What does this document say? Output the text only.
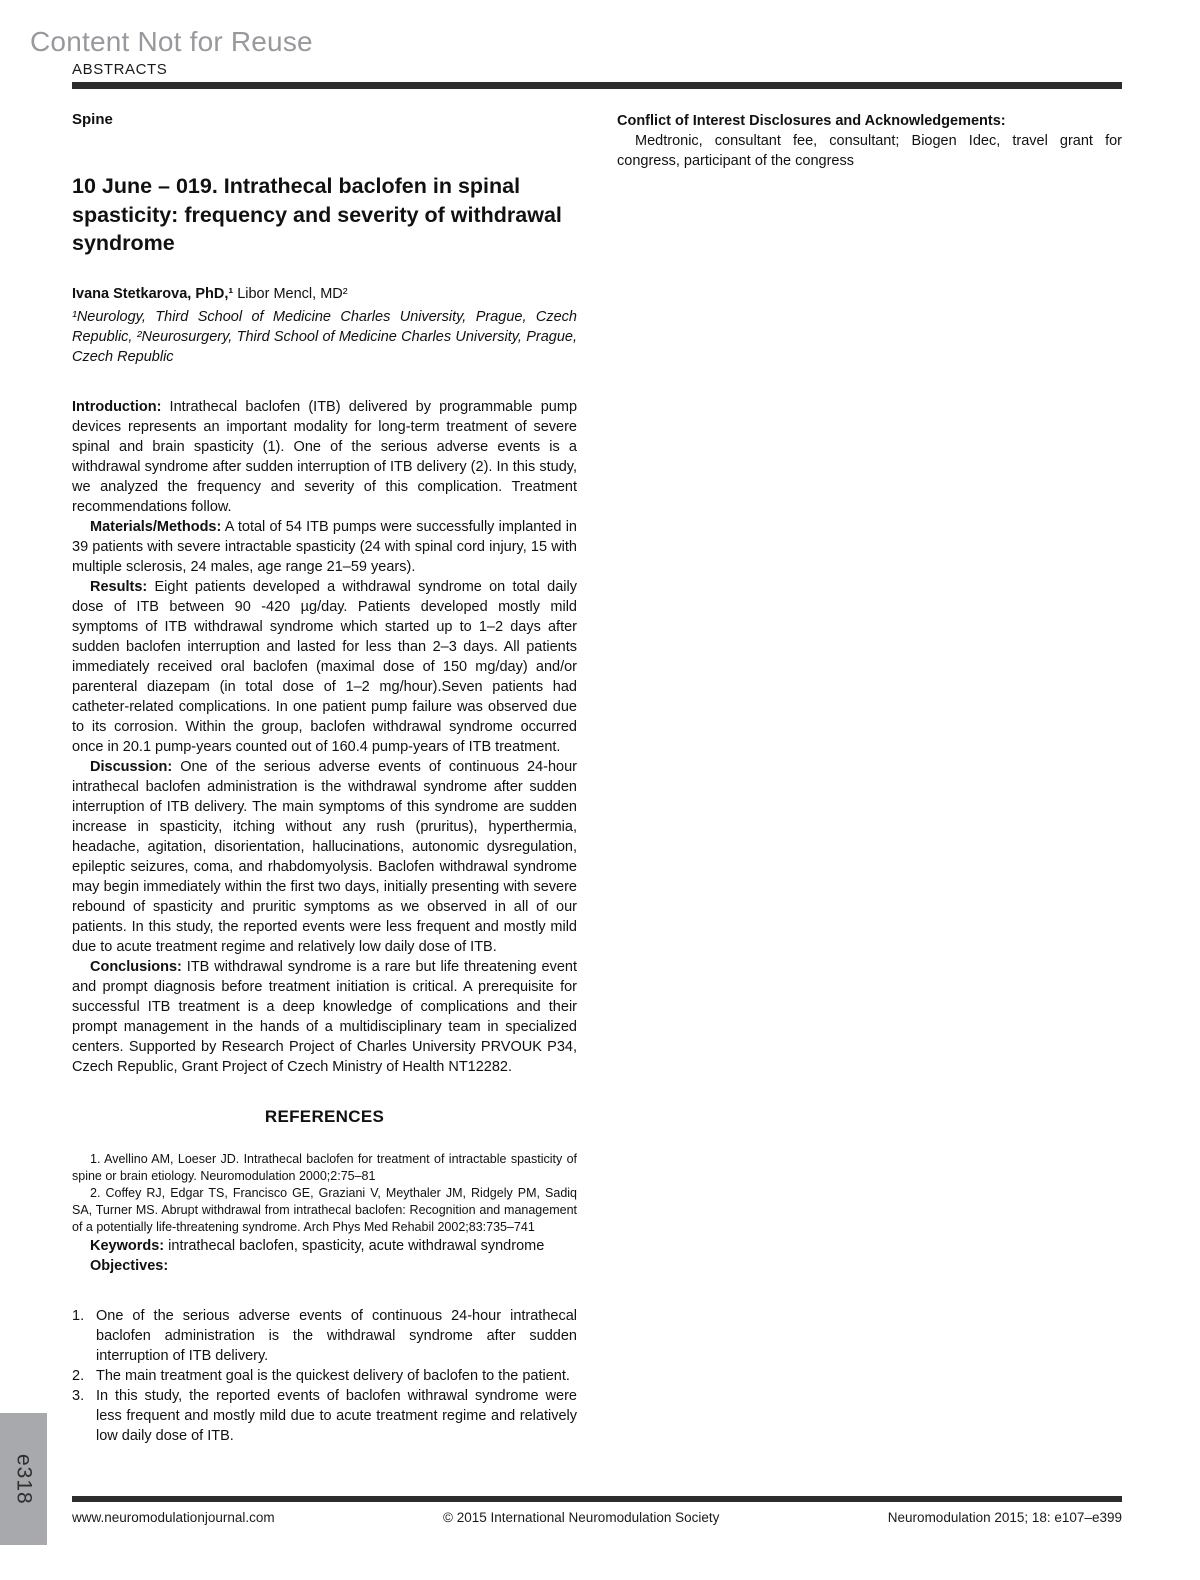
Content Not for Reuse
ABSTRACTS

Spine

10 June – 019. Intrathecal baclofen in spinal spasticity: frequency and severity of withdrawal syndrome

Ivana Stetkarova, PhD,¹ Libor Mencl, MD²

¹Neurology, Third School of Medicine Charles University, Prague, Czech Republic, ²Neurosurgery, Third School of Medicine Charles University, Prague, Czech Republic

Introduction: Intrathecal baclofen (ITB) delivered by programmable pump devices represents an important modality for long-term treatment of severe spinal and brain spasticity (1). One of the serious adverse events is a withdrawal syndrome after sudden interruption of ITB delivery (2). In this study, we analyzed the frequency and severity of this complication. Treatment recommendations follow.

Materials/Methods: A total of 54 ITB pumps were successfully implanted in 39 patients with severe intractable spasticity (24 with spinal cord injury, 15 with multiple sclerosis, 24 males, age range 21–59 years).

Results: Eight patients developed a withdrawal syndrome on total daily dose of ITB between 90 -420 µg/day. Patients developed mostly mild symptoms of ITB withdrawal syndrome which started up to 1–2 days after sudden baclofen interruption and lasted for less than 2–3 days. All patients immediately received oral baclofen (maximal dose of 150 mg/day) and/or parenteral diazepam (in total dose of 1–2 mg/hour).Seven patients had catheter-related complications. In one patient pump failure was observed due to its corrosion. Within the group, baclofen withdrawal syndrome occurred once in 20.1 pump-years counted out of 160.4 pump-years of ITB treatment.

Discussion: One of the serious adverse events of continuous 24-hour intrathecal baclofen administration is the withdrawal syndrome after sudden interruption of ITB delivery. The main symptoms of this syndrome are sudden increase in spasticity, itching without any rush (pruritus), hyperthermia, headache, agitation, disorientation, hallucinations, autonomic dysregulation, epileptic seizures, coma, and rhabdomyolysis. Baclofen withdrawal syndrome may begin immediately within the first two days, initially presenting with severe rebound of spasticity and pruritic symptoms as we observed in all of our patients. In this study, the reported events were less frequent and mostly mild due to acute treatment regime and relatively low daily dose of ITB.

Conclusions: ITB withdrawal syndrome is a rare but life threatening event and prompt diagnosis before treatment initiation is critical. A prerequisite for successful ITB treatment is a deep knowledge of complications and their prompt management in the hands of a multidisciplinary team in specialized centers. Supported by Research Project of Charles University PRVOUK P34, Czech Republic, Grant Project of Czech Ministry of Health NT12282.

REFERENCES

1. Avellino AM, Loeser JD. Intrathecal baclofen for treatment of intractable spasticity of spine or brain etiology. Neuromodulation 2000;2:75–81

2. Coffey RJ, Edgar TS, Francisco GE, Graziani V, Meythaler JM, Ridgely PM, Sadiq SA, Turner MS. Abrupt withdrawal from intrathecal baclofen: Recognition and management of a potentially life-threatening syndrome. Arch Phys Med Rehabil 2002;83:735–741

Keywords: intrathecal baclofen, spasticity, acute withdrawal syndrome

Objectives:

1. One of the serious adverse events of continuous 24-hour intrathecal baclofen administration is the withdrawal syndrome after sudden interruption of ITB delivery.
2. The main treatment goal is the quickest delivery of baclofen to the patient.
3. In this study, the reported events of baclofen withrawal syndrome were less frequent and mostly mild due to acute treatment regime and relatively low daily dose of ITB.

Conflict of Interest Disclosures and Acknowledgements:

Medtronic, consultant fee, consultant; Biogen Idec, travel grant for congress, participant of the congress

e318
www.neuromodulationjournal.com	© 2015 International Neuromodulation Society	Neuromodulation 2015; 18: e107–e399
